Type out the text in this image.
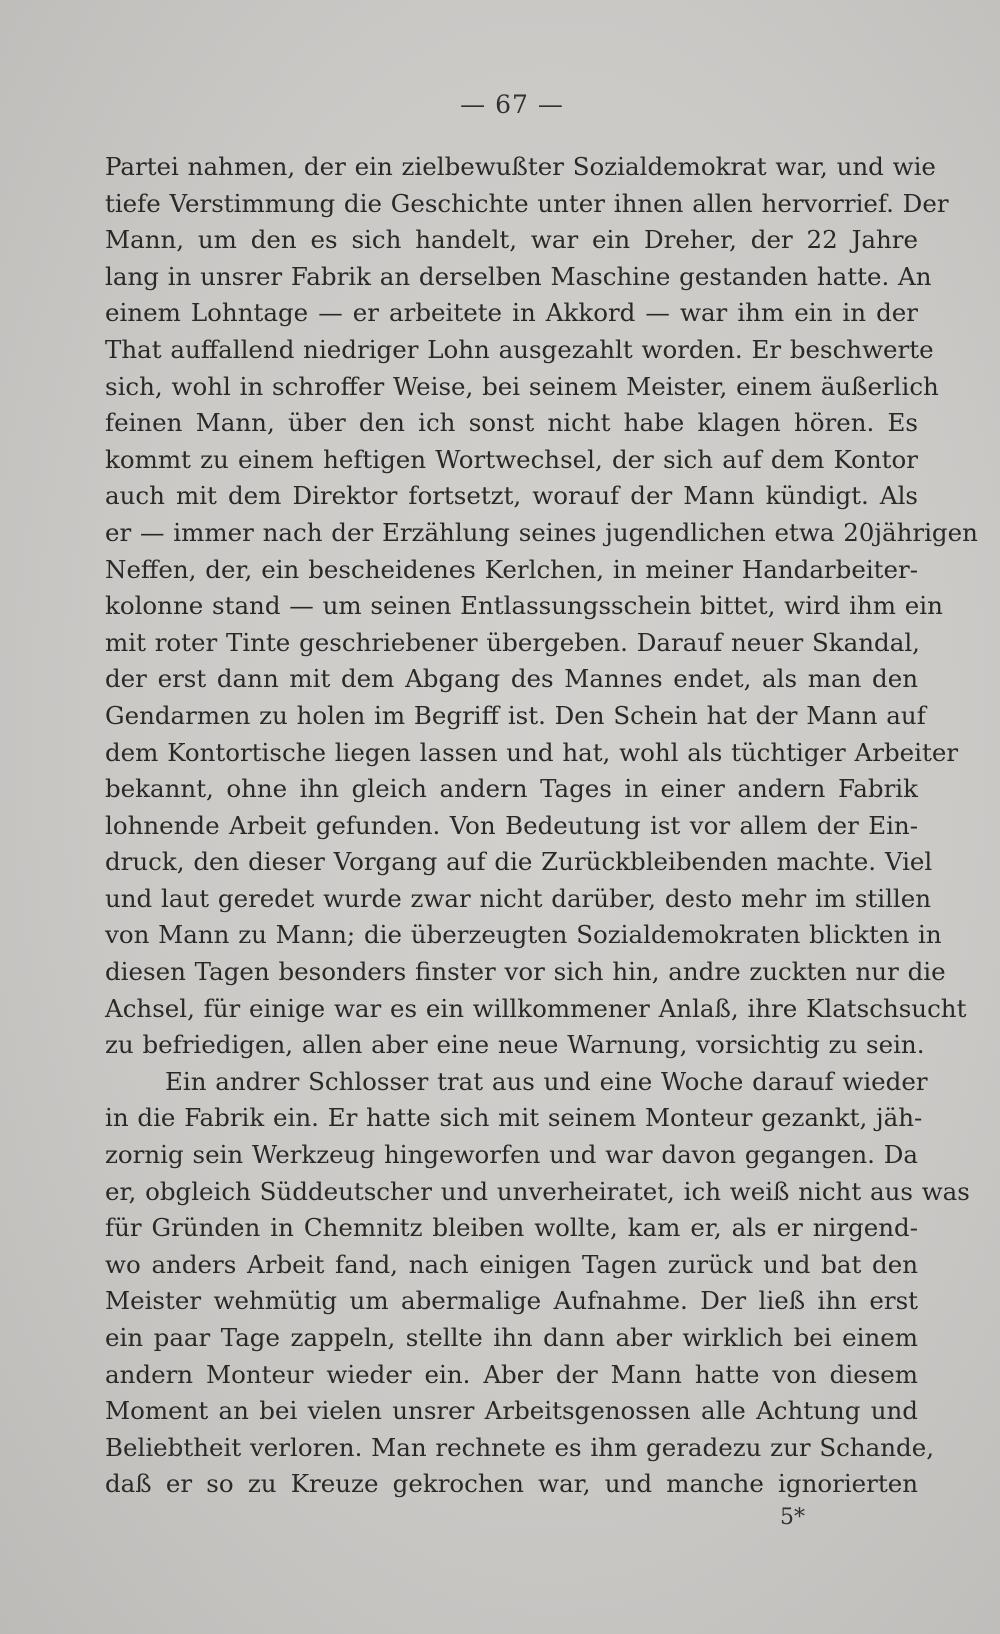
— 67 —
Partei nahmen, der ein zielbewußter Sozialdemokrat war, und wie
tiefe Verstimmung die Geschichte unter ihnen allen hervorrief. Der
Mann, um den es sich handelt, war ein Dreher, der 22 Jahre
lang in unsrer Fabrik an derselben Maschine gestanden hatte. An
einem Lohntage — er arbeitete in Akkord — war ihm ein in der
That auffallend niedriger Lohn ausgezahlt worden. Er beschwerte
sich, wohl in schroffer Weise, bei seinem Meister, einem äußerlich
feinen Mann, über den ich sonst nicht habe klagen hören. Es
kommt zu einem heftigen Wortwechsel, der sich auf dem Kontor
auch mit dem Direktor fortsetzt, worauf der Mann kündigt. Als
er — immer nach der Erzählung seines jugendlichen etwa 20jährigen
Neffen, der, ein bescheidenes Kerlchen, in meiner Handarbeiter-
kolonne stand — um seinen Entlassungsschein bittet, wird ihm ein
mit roter Tinte geschriebener übergeben. Darauf neuer Skandal,
der erst dann mit dem Abgang des Mannes endet, als man den
Gendarmen zu holen im Begriff ist. Den Schein hat der Mann auf
dem Kontortische liegen lassen und hat, wohl als tüchtiger Arbeiter
bekannt, ohne ihn gleich andern Tages in einer andern Fabrik
lohnende Arbeit gefunden. Von Bedeutung ist vor allem der Ein-
druck, den dieser Vorgang auf die Zurückbleibenden machte. Viel
und laut geredet wurde zwar nicht darüber, desto mehr im stillen
von Mann zu Mann; die überzeugten Sozialdemokraten blickten in
diesen Tagen besonders finster vor sich hin, andre zuckten nur die
Achsel, für einige war es ein willkommener Anlaß, ihre Klatschsucht
zu befriedigen, allen aber eine neue Warnung, vorsichtig zu sein.
Ein andrer Schlosser trat aus und eine Woche darauf wieder
in die Fabrik ein. Er hatte sich mit seinem Monteur gezankt, jäh-
zornig sein Werkzeug hingeworfen und war davon gegangen. Da
er, obgleich Süddeutscher und unverheiratet, ich weiß nicht aus was
für Gründen in Chemnitz bleiben wollte, kam er, als er nirgend-
wo anders Arbeit fand, nach einigen Tagen zurück und bat den
Meister wehmütig um abermalige Aufnahme. Der ließ ihn erst
ein paar Tage zappeln, stellte ihn dann aber wirklich bei einem
andern Monteur wieder ein. Aber der Mann hatte von diesem
Moment an bei vielen unsrer Arbeitsgenossen alle Achtung und
Beliebtheit verloren. Man rechnete es ihm geradezu zur Schande,
daß er so zu Kreuze gekrochen war, und manche ignorierten
5*
